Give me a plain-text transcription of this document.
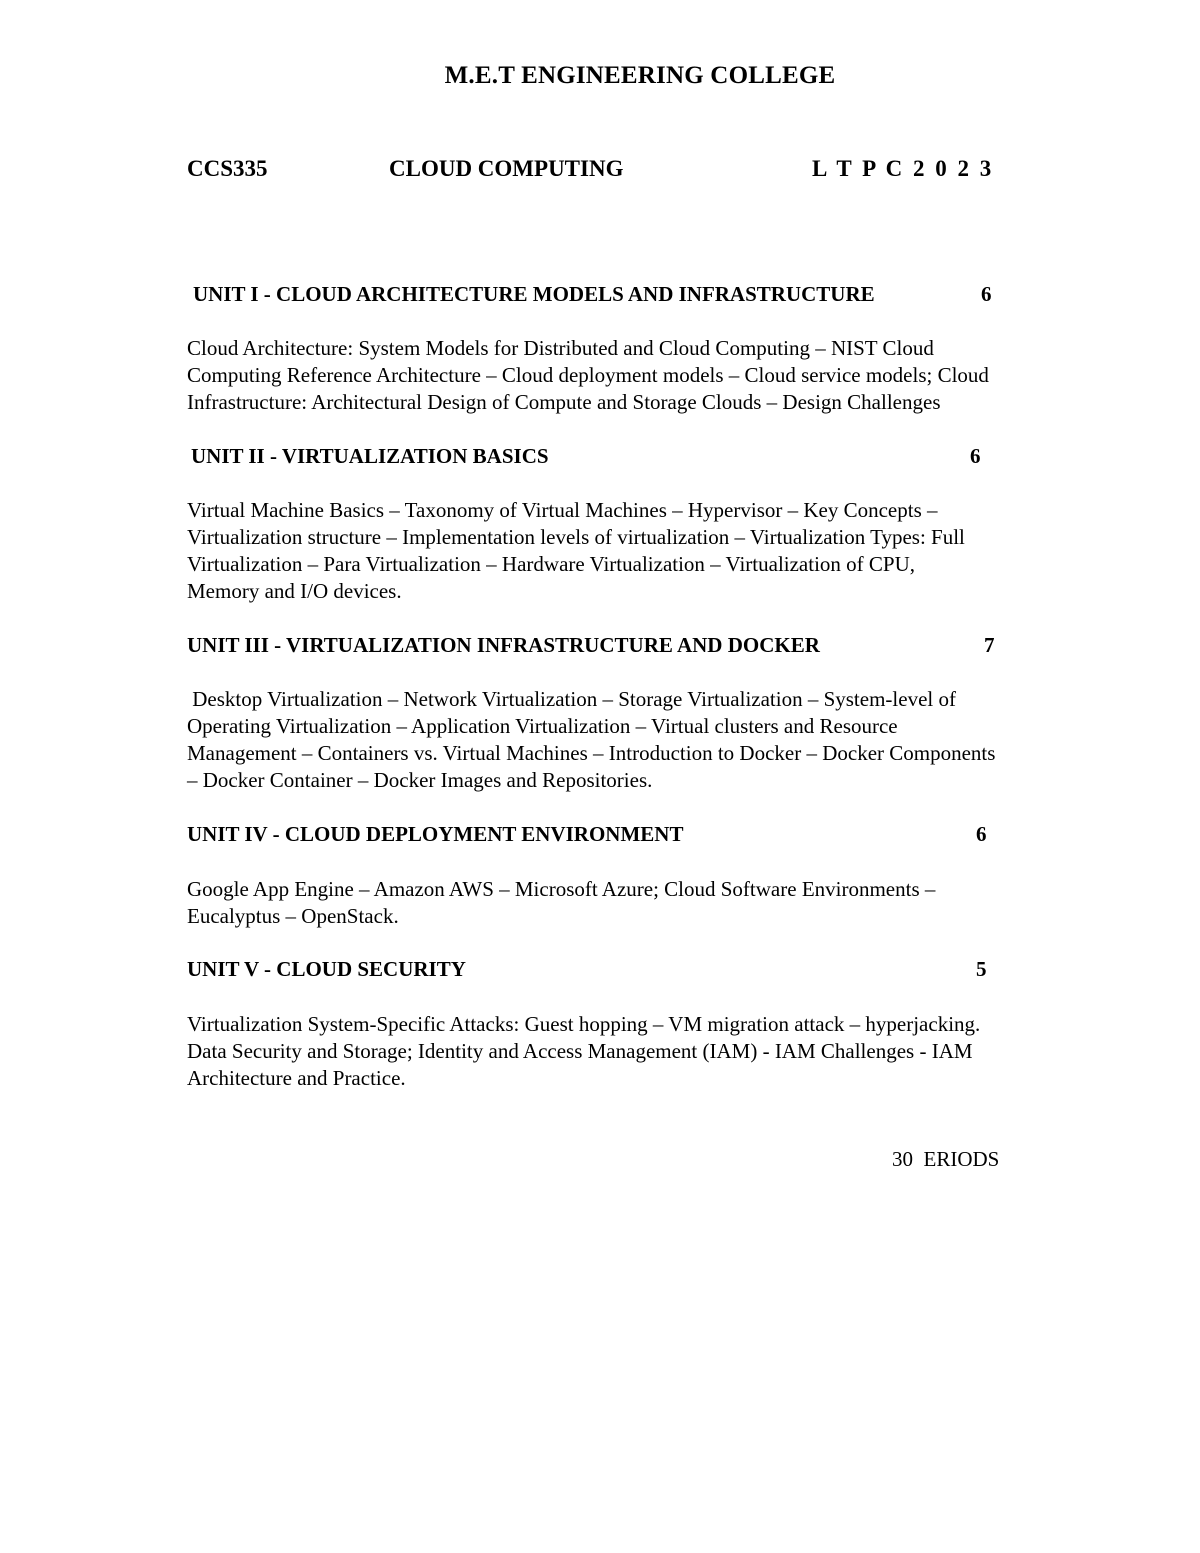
M.E.T ENGINEERING COLLEGE
CCS335	CLOUD COMPUTING	L T P C 2 0 2 3
UNIT I - CLOUD ARCHITECTURE MODELS AND INFRASTRUCTURE	6

Cloud Architecture: System Models for Distributed and Cloud Computing – NIST Cloud

Computing Reference Architecture – Cloud deployment models – Cloud service models; Cloud

Infrastructure: Architectural Design of Compute and Storage Clouds – Design Challenges

UNIT II - VIRTUALIZATION BASICS	6

Virtual Machine Basics – Taxonomy of Virtual Machines – Hypervisor – Key Concepts –

Virtualization structure – Implementation levels of virtualization – Virtualization Types: Full

Virtualization – Para Virtualization – Hardware Virtualization – Virtualization of CPU,

Memory and I/O devices.

UNIT III - VIRTUALIZATION INFRASTRUCTURE AND DOCKER	7

Desktop Virtualization – Network Virtualization – Storage Virtualization – System-level of

Operating Virtualization – Application Virtualization – Virtual clusters and Resource

Management – Containers vs. Virtual Machines – Introduction to Docker – Docker Components

– Docker Container – Docker Images and Repositories.

UNIT IV - CLOUD DEPLOYMENT ENVIRONMENT	6

Google App Engine – Amazon AWS – Microsoft Azure; Cloud Software Environments –

Eucalyptus – OpenStack.

UNIT V - CLOUD SECURITY	5

Virtualization System-Specific Attacks: Guest hopping – VM migration attack – hyperjacking.

Data Security and Storage; Identity and Access Management (IAM) - IAM Challenges - IAM

Architecture and Practice.

30  ERIODS
